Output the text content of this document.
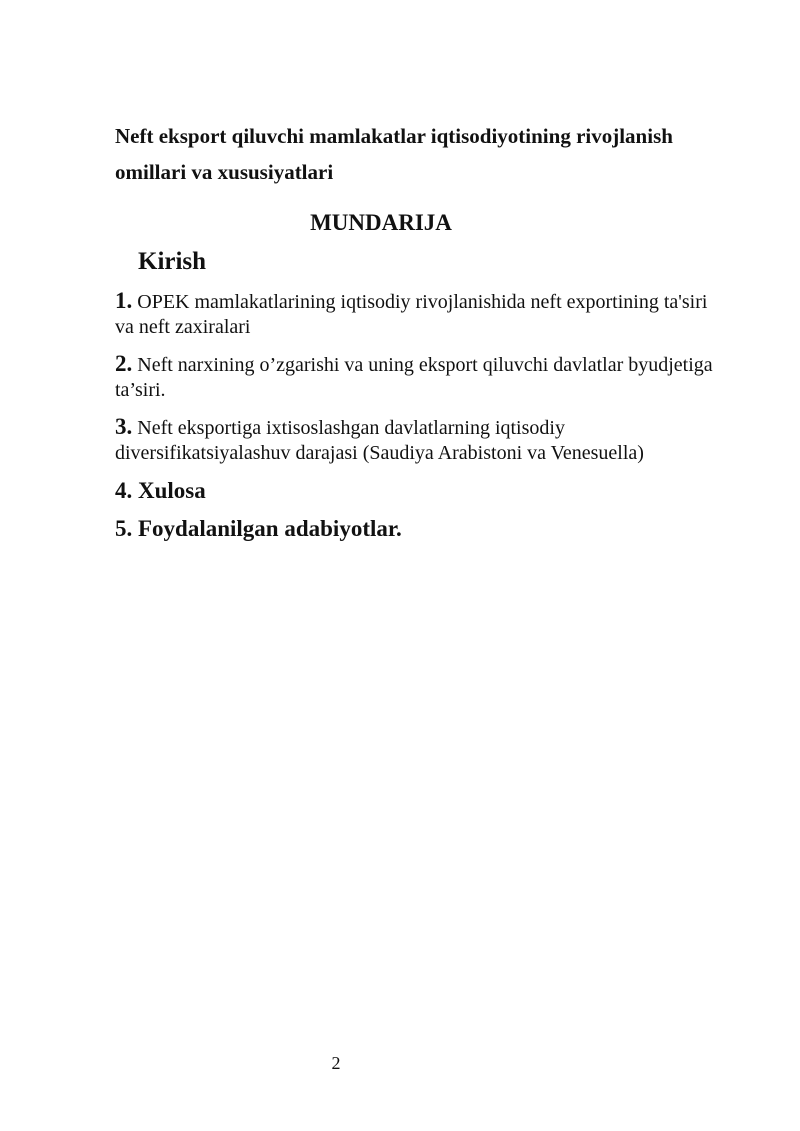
Neft eksport qiluvchi mamlakatlar iqtisodiyotining rivojlanish omillari va xususiyatlari
MUNDARIJA
Kirish
1. OPEK mamlakatlarining iqtisodiy rivojlanishida neft exportining ta'siri va neft zaxiralari
2. Neft narxining o’zgarishi va uning eksport qiluvchi davlatlar byudjetiga ta’siri.
3. Neft eksportiga ixtisoslashgan davlatlarning iqtisodiy diversifikatsiyalashuv darajasi (Saudiya Arabistoni va Venesuella)
4. Xulosa
5. Foydalanilgan adabiyotlar.
2
